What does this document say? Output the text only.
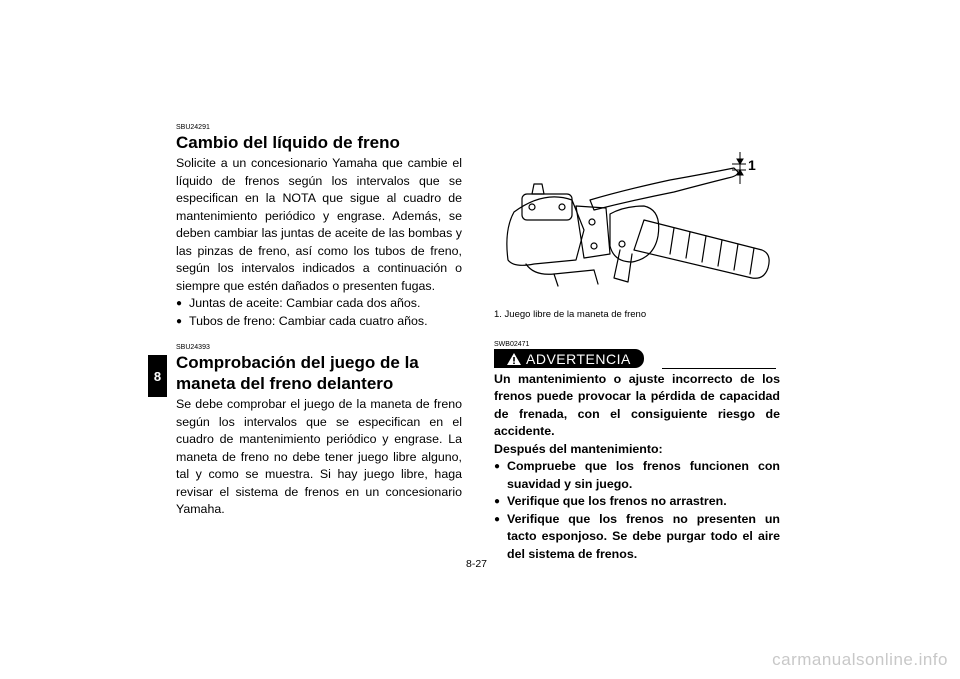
8

SBU24291

Cambio del líquido de freno

Solicite a un concesionario Yamaha que cambie el líquido de frenos según los intervalos que se especifican en la NOTA que sigue al cuadro de mantenimiento periódico y engrase. Además, se deben cambiar las juntas de aceite de las bombas y las pinzas de freno, así como los tubos de freno, según los intervalos indicados a continuación o siempre que estén dañados o presenten fugas.

● Juntas de aceite: Cambiar cada dos años.
● Tubos de freno: Cambiar cada cuatro años.

SBU24393

Comprobación del juego de la maneta del freno delantero

Se debe comprobar el juego de la maneta de freno según los intervalos que se especifican en el cuadro de mantenimiento periódico y engrase. La maneta de freno no debe tener juego libre alguno, tal y como se muestra. Si hay juego libre, haga revisar el sistema de frenos en un concesionario Yamaha.

1
1. Juego libre de la maneta de freno
SWB02471
ADVERTENCIA

Un mantenimiento o ajuste incorrecto de los frenos puede provocar la pérdida de capacidad de frenada, con el consiguiente riesgo de accidente.

Después del mantenimiento:

● Compruebe que los frenos funcionen con suavidad y sin juego.
● Verifique que los frenos no arrastren.
● Verifique que los frenos no presenten un tacto esponjoso. Se debe purgar todo el aire del sistema de frenos.
8-27
carmanualsonline.info
